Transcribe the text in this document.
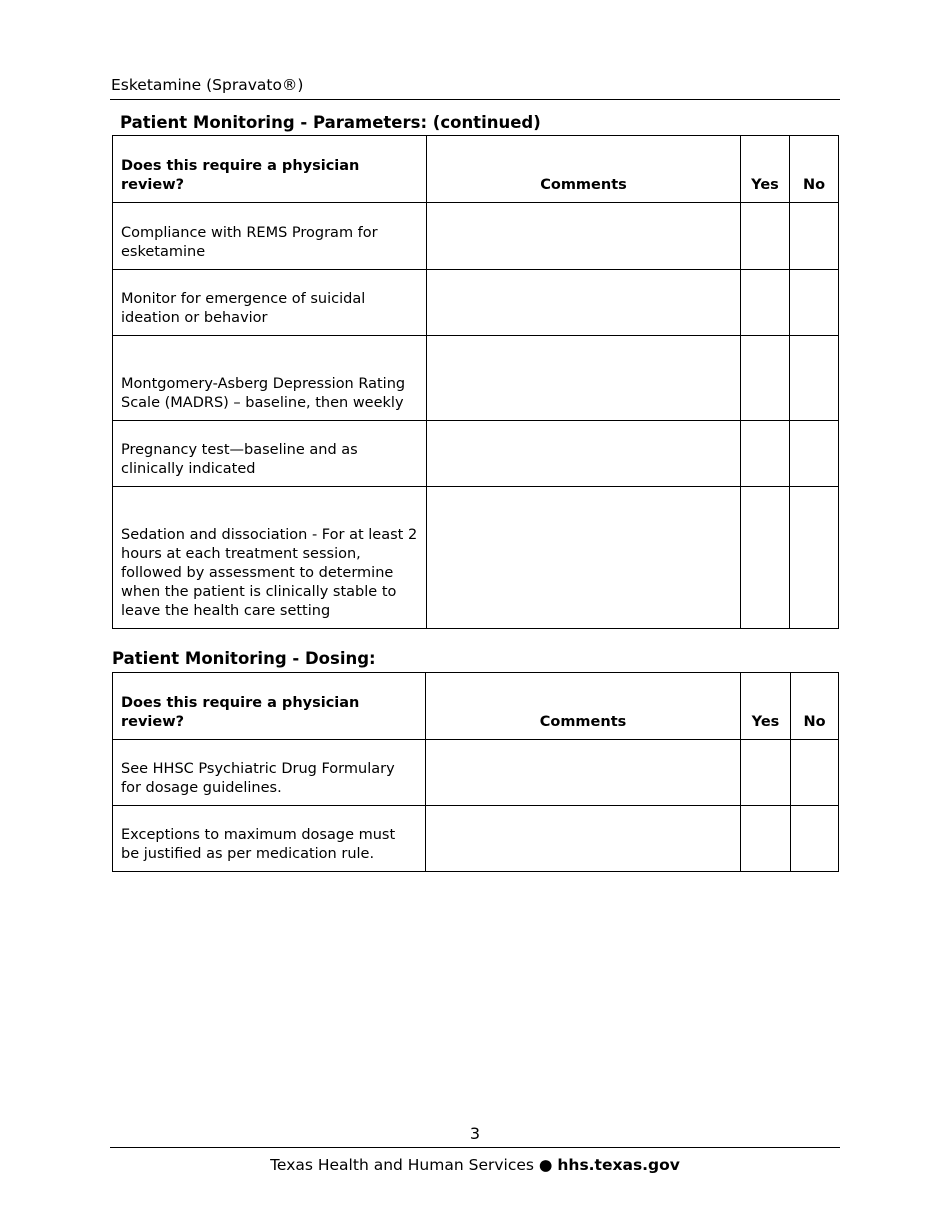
Esketamine (Spravato®)
Patient Monitoring - Parameters: (continued)
Does this require a physician review?	Comments	Yes	No
Compliance with REMS Program for esketamine			
Monitor for emergence of suicidal ideation or behavior			
Montgomery-Asberg Depression Rating Scale (MADRS) – baseline, then weekly			
Pregnancy test—baseline and as clinically indicated			
Sedation and dissociation - For at least 2 hours at each treatment session, followed by assessment to determine when the patient is clinically stable to leave the health care setting			
Patient Monitoring - Dosing:
Does this require a physician review?	Comments	Yes	No
See HHSC Psychiatric Drug Formulary for dosage guidelines.			
Exceptions to maximum dosage must be justified as per medication rule.			
3
Texas Health and Human Services ● hhs.texas.gov
